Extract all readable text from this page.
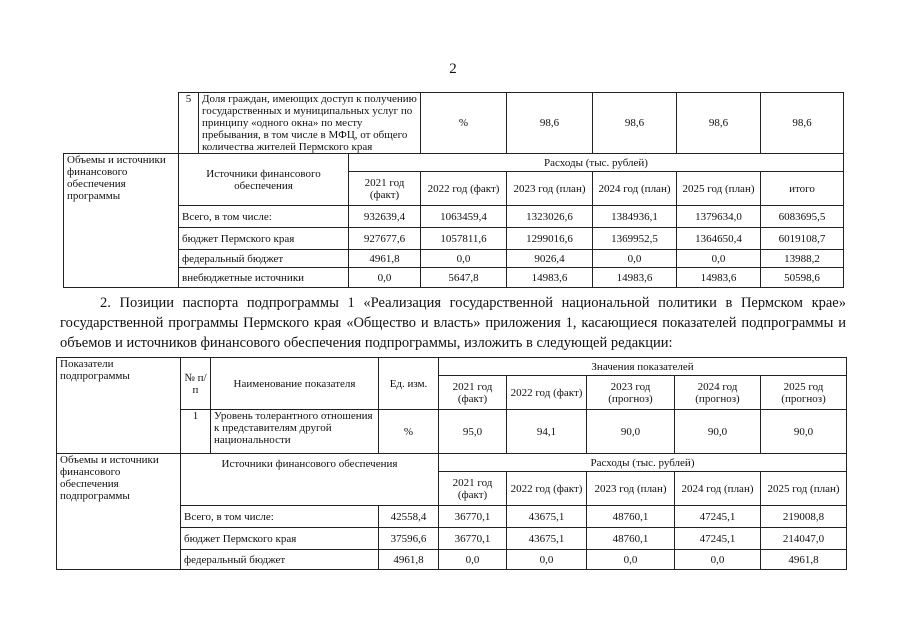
2
	5	Доля граждан, имеющих доступ к получению государственных и муниципальных услуг по принципу «одного окна» по месту пребывания, в том числе в МФЦ, от общего количества жителей Пермского края		%	98,6	98,6	98,6	98,6
Объемы и источники финансового обеспечения программы	Источники финансового обеспечения		Расходы (тыс. рублей)					
			2021 год (факт)	2022 год (факт)	2023 год (план)	2024 год (план)	2025 год (план)	итого
	Всего, в том числе:		932639,4	1063459,4	1323026,6	1384936,1	1379634,0	6083695,5
	бюджет Пермского края		927677,6	1057811,6	1299016,6	1369952,5	1364650,4	6019108,7
	федеральный бюджет		4961,8	0,0	9026,4	0,0	0,0	13988,2
	внебюджетные источники		0,0	5647,8	14983,6	14983,6	14983,6	50598,6
2. Позиции паспорта подпрограммы 1 «Реализация государственной национальной политики в Пермском крае» государственной программы Пермского края «Общество и власть» приложения 1, касающиеся показателей подпрограммы и объемов и источников финансового обеспечения подпрограммы, изложить в следующей редакции:
Показатели подпрограммы	№ п/п	Наименование показателя	Ед. изм.	Значения показателей				
				2021 год (факт)	2022 год (факт)	2023 год (прогноз)	2024 год (прогноз)	2025 год (прогноз)
	1	Уровень толерантного отношения к представителям другой национальности	%	95,0	94,1	90,0	90,0	90,0
Объемы и источники финансового обеспечения подпрограммы	Источники финансового обеспечения			Расходы (тыс. рублей)				
				2021 год (факт)	2022 год (факт)	2023 год (план)	2024 год (план)	2025 год (план)
	Всего, в том числе:		42558,4	36770,1	43675,1	48760,1	47245,1	219008,8
	бюджет Пермского края		37596,6	36770,1	43675,1	48760,1	47245,1	214047,0
	федеральный бюджет		4961,8	0,0	0,0	0,0	0,0	4961,8
